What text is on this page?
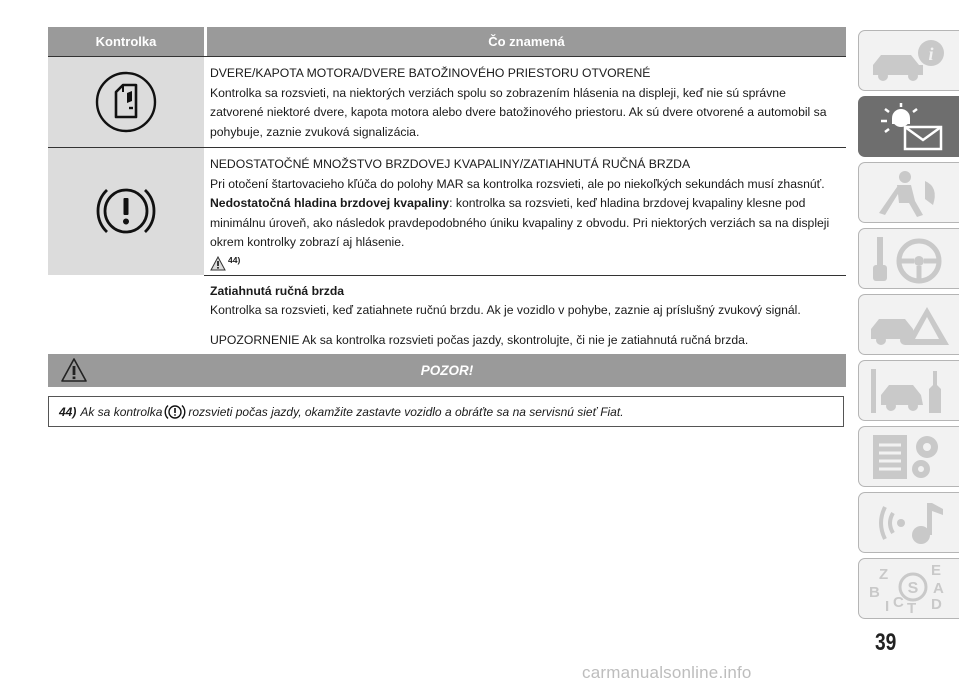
Kontrolka	Čo znamená
DVERE/KAPOTA MOTORA/DVERE BATOŽINOVÉHO PRIESTORU OTVORENÉ
Kontrolka sa rozsvieti, na niektorých verziách spolu so zobrazením hlásenia na displeji, keď nie sú správne zatvorené niektoré dvere, kapota motora alebo dvere batožinového priestoru. Ak sú dvere otvorené a automobil sa pohybuje, zaznie zvuková signalizácia.
NEDOSTATOČNÉ MNOŽSTVO BRZDOVEJ KVAPALINY/ZATIAHNUTÁ RUČNÁ BRZDA
Pri otočení štartovacieho kľúča do polohy MAR sa kontrolka rozsvieti, ale po niekoľkých sekundách musí zhasnúť.
Nedostatočná hladina brzdovej kvapaliny: kontrolka sa rozsvieti, keď hladina brzdovej kvapaliny klesne pod minimálnu úroveň, ako následok pravdepodobného úniku kvapaliny z obvodu. Pri niektorých verziách sa na displeji okrem kontrolky zobrazí aj hlásenie.
44)
Zatiahnutá ručná brzda
Kontrolka sa rozsvieti, keď zatiahnete ručnú brzdu. Ak je vozidlo v pohybe, zaznie aj príslušný zvukový signál.
UPOZORNENIE Ak sa kontrolka rozsvieti počas jazdy, skontrolujte, či nie je zatiahnutá ručná brzda.
POZOR!
44) Ak sa kontrolka rozsvieti počas jazdy, okamžite zastavte vozidlo a obráťte sa na servisnú sieť Fiat.
i
S
Z	E
A
B
I C T D
39
carmanualsonline.info
